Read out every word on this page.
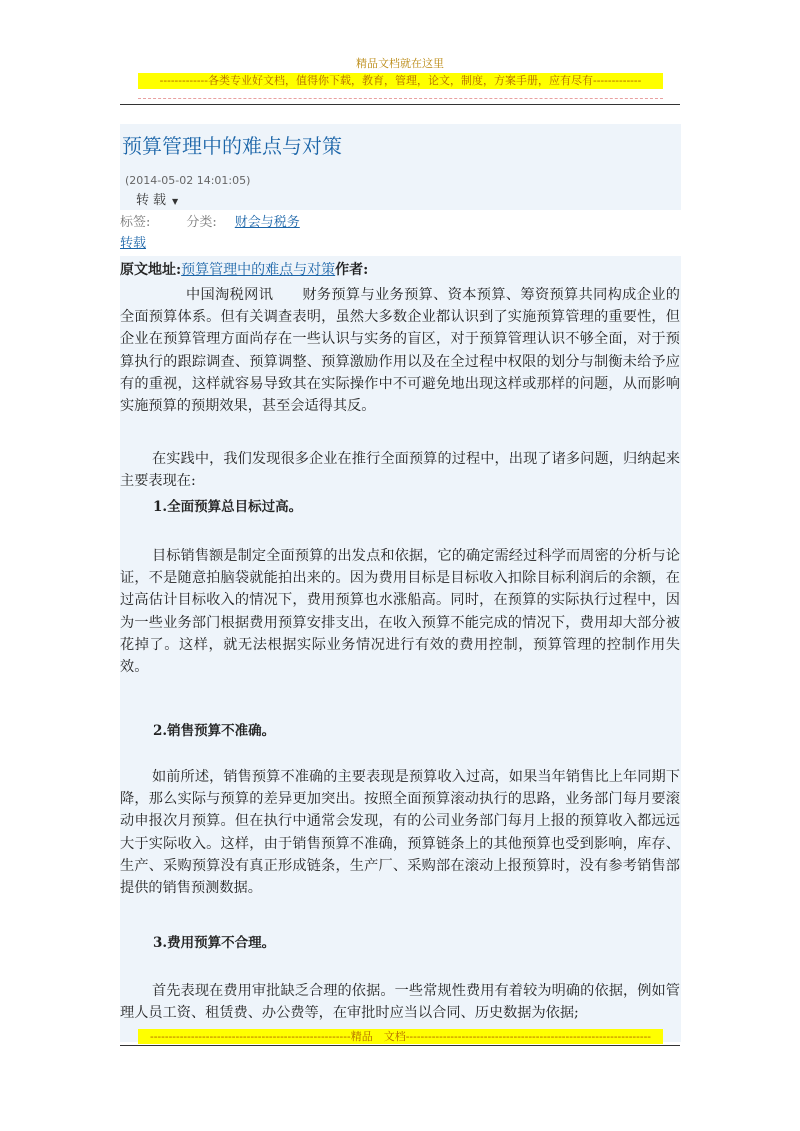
精品文档就在这里
-------------各类专业好文档，值得你下载，教育，管理，论文，制度，方案手册，应有尽有-------------
预算管理中的难点与对策
(2014-05-02 14:01:05)
转载 ▼
标签:	分类: 财会与税务
转载
原文地址:预算管理中的难点与对策作者:
中国淘税网讯　　财务预算与业务预算、资本预算、筹资预算共同构成企业的全面预算体系。但有关调查表明，虽然大多数企业都认识到了实施预算管理的重要性，但企业在预算管理方面尚存在一些认识与实务的盲区，对于预算管理认识不够全面，对于预算执行的跟踪调查、预算调整、预算激励作用以及在全过程中权限的划分与制衡未给予应有的重视，这样就容易导致其在实际操作中不可避免地出现这样或那样的问题，从而影响实施预算的预期效果，甚至会适得其反。
在实践中，我们发现很多企业在推行全面预算的过程中，出现了诸多问题，归纳起来主要表现在:
1.全面预算总目标过高。
目标销售额是制定全面预算的出发点和依据，它的确定需经过科学而周密的分析与论证，不是随意拍脑袋就能拍出来的。因为费用目标是目标收入扣除目标利润后的余额，在过高估计目标收入的情况下，费用预算也水涨船高。同时，在预算的实际执行过程中，因为一些业务部门根据费用预算安排支出，在收入预算不能完成的情况下，费用却大部分被花掉了。这样，就无法根据实际业务情况进行有效的费用控制，预算管理的控制作用失效。
2.销售预算不准确。
如前所述，销售预算不准确的主要表现是预算收入过高，如果当年销售比上年同期下降，那么实际与预算的差异更加突出。按照全面预算滚动执行的思路，业务部门每月要滚动申报次月预算。但在执行中通常会发现，有的公司业务部门每月上报的预算收入都远远大于实际收入。这样，由于销售预算不准确，预算链条上的其他预算也受到影响，库存、生产、采购预算没有真正形成链条，生产厂、采购部在滚动上报预算时，没有参考销售部提供的销售预测数据。
3.费用预算不合理。
首先表现在费用审批缺乏合理的依据。一些常规性费用有着较为明确的依据，例如管理人员工资、租赁费、办公费等，在审批时应当以合同、历史数据为依据;
------------------------------------------------------精品　文档------------------------------------------------------------------
